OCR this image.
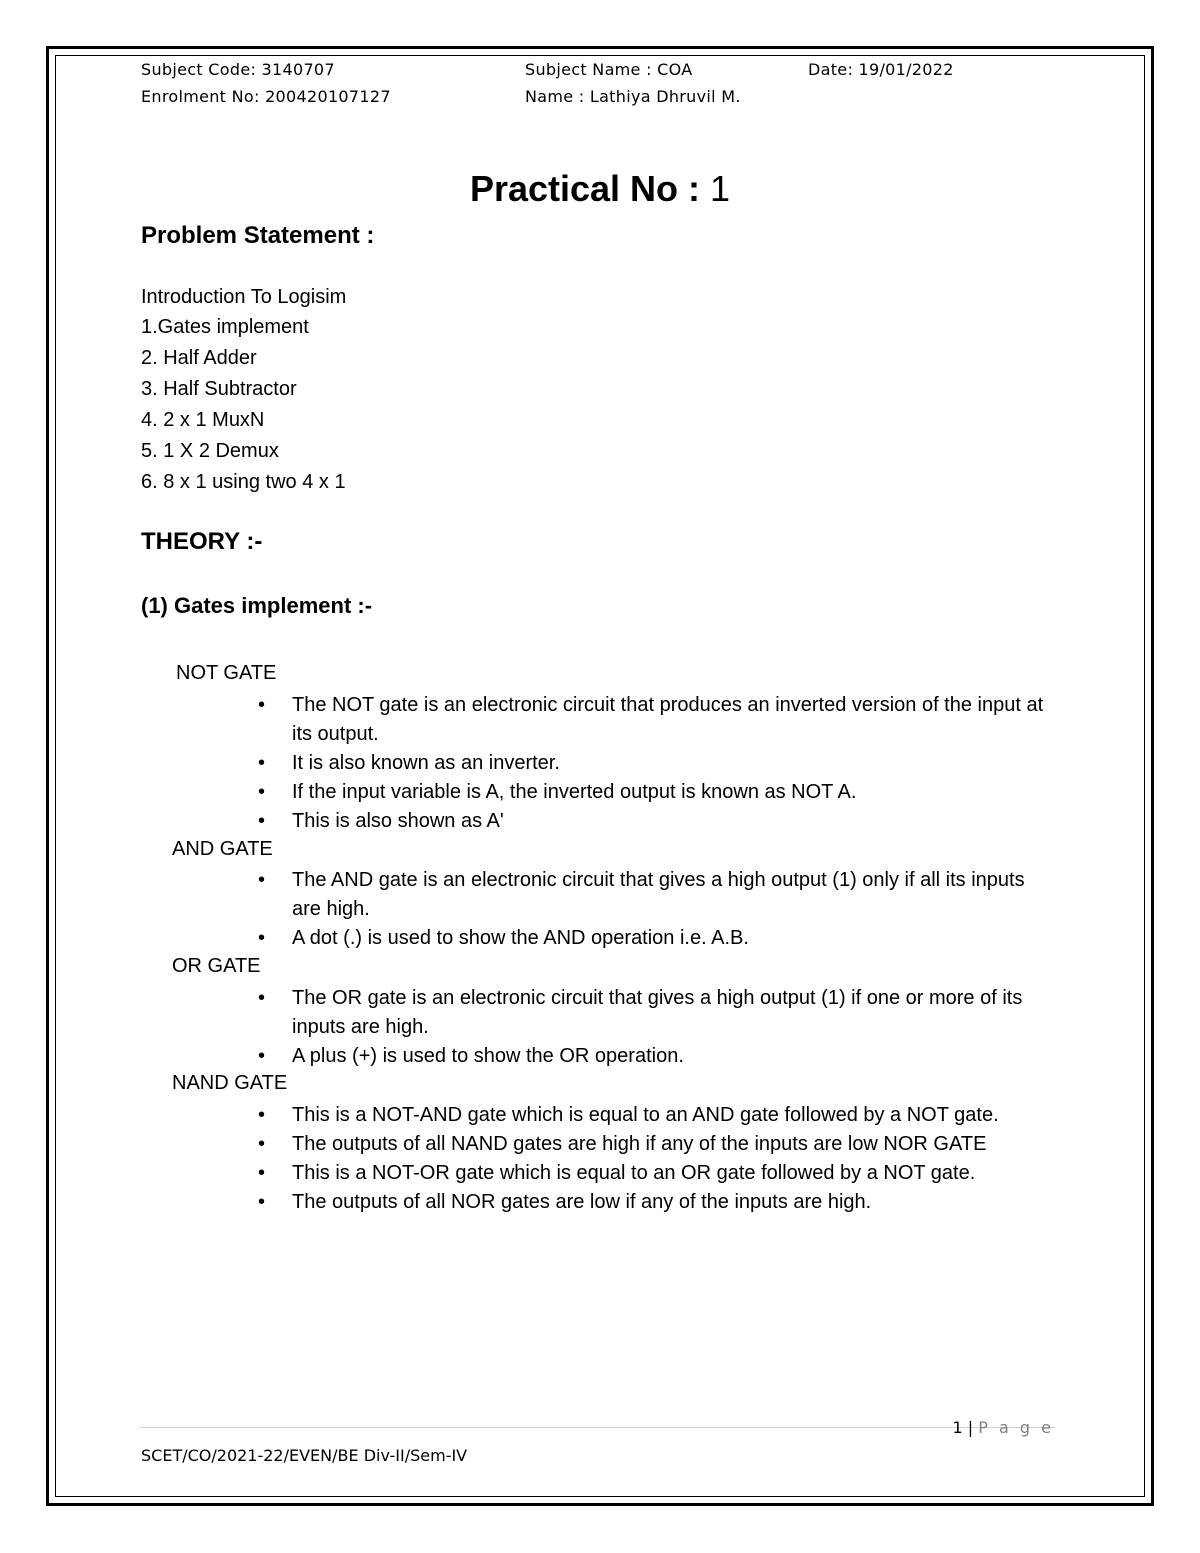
Subject Code: 3140707	Subject Name : COA	Date: 19/01/2022
Enrolment No: 200420107127	Name : Lathiya Dhruvil M.
Practical No : 1
Problem Statement :
Introduction To Logisim
1.Gates implement
2. Half Adder
3. Half Subtractor
4. 2 x 1 MuxN
5. 1 X 2 Demux
6. 8 x 1 using two 4 x 1
THEORY :-
(1) Gates implement :-
NOT GATE
• The NOT gate is an electronic circuit that produces an inverted version of the input at its output.
• It is also known as an inverter.
• If the input variable is A, the inverted output is known as NOT A.
• This is also shown as A'
AND GATE
• The AND gate is an electronic circuit that gives a high output (1) only if all its inputs are high.
• A dot (.) is used to show the AND operation i.e. A.B.
OR GATE
• The OR gate is an electronic circuit that gives a high output (1) if one or more of its inputs are high.
• A plus (+) is used to show the OR operation.
NAND GATE
• This is a NOT-AND gate which is equal to an AND gate followed by a NOT gate.
• The outputs of all NAND gates are high if any of the inputs are low NOR GATE
• This is a NOT-OR gate which is equal to an OR gate followed by a NOT gate.
• The outputs of all NOR gates are low if any of the inputs are high.
1 | P a g e
SCET/CO/2021-22/EVEN/BE Div-II/Sem-IV
